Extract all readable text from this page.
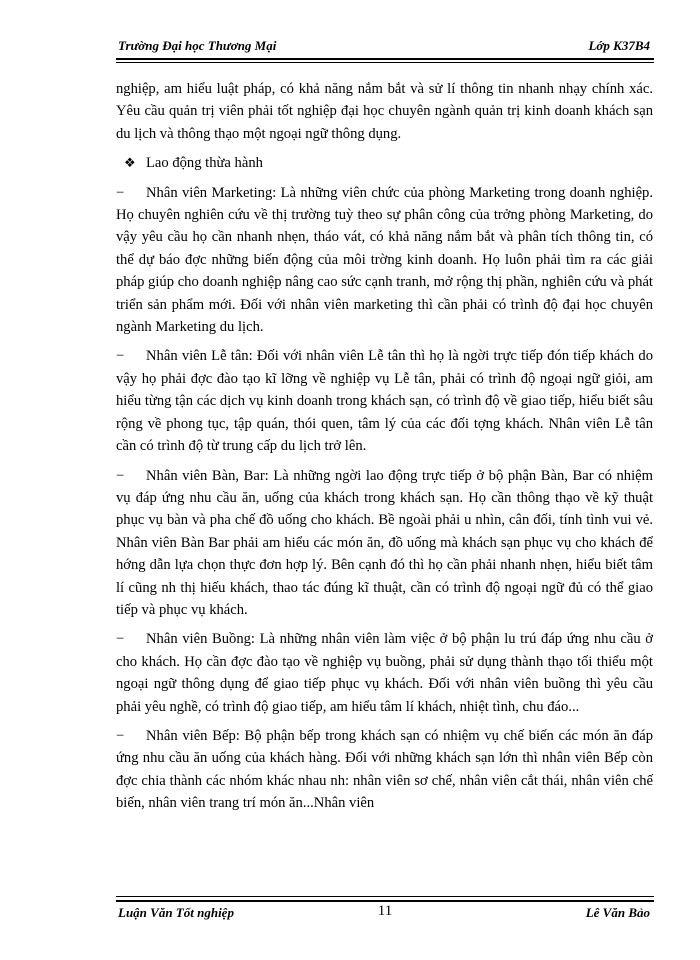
Trường Đại học Thương Mại	Lớp K37B4

nghiệp, am hiểu luật pháp, có khả năng nắm bắt và sử lí thông tin nhanh nhạy chính xác. Yêu cầu quản trị viên phải tốt nghiệp đại học chuyên ngành quản trị kinh doanh khách sạn du lịch và thông thạo một ngoại ngữ thông dụng.

❖ Lao động thừa hành

− Nhân viên Marketing: Là những viên chức của phòng Marketing trong doanh nghiệp. Họ chuyên nghiên cứu về thị trường tuỳ theo sự phân công của trởng phòng Marketing, do vậy yêu cầu họ cần nhanh nhẹn, tháo vát, có khả năng nắm bắt và phân tích thông tin, có thể dự báo đợc những biến động của môi trờng kinh doanh. Họ luôn phải tìm ra các giải pháp giúp cho doanh nghiệp nâng cao sức cạnh tranh, mở rộng thị phần, nghiên cứu và phát triển sản phẩm mới. Đối với nhân viên marketing thì cần phải có trình độ đại học chuyên ngành Marketing du lịch.

− Nhân viên Lễ tân: Đối với nhân viên Lễ tân thì họ là ngời trực tiếp đón tiếp khách do vậy họ phải đợc đào tạo kĩ lỡng về nghiệp vụ Lễ tân, phải có trình độ ngoại ngữ giỏi, am hiểu từng tận các dịch vụ kinh doanh trong khách sạn, có trình độ về giao tiếp, hiểu biết sâu rộng về phong tục, tập quán, thói quen, tâm lý của các đối tợng khách. Nhân viên Lễ tân cần có trình độ từ trung cấp du lịch trở lên.

− Nhân viên Bàn, Bar: Là những ngời lao động trực tiếp ở bộ phận Bàn, Bar có nhiệm vụ đáp ứng nhu cầu ăn, uống của khách trong khách sạn. Họ cần thông thạo về kỹ thuật phục vụ bàn và pha chế đồ uống cho khách. Bề ngoài phải u nhìn, cân đối, tính tình vui vẻ. Nhân viên Bàn Bar phải am hiểu các món ăn, đồ uống mà khách sạn phục vụ cho khách để hớng dẫn lựa chọn thực đơn hợp lý. Bên cạnh đó thì họ cần phải nhanh nhẹn, hiểu biết tâm lí cũng nh thị hiếu khách, thao tác đúng kĩ thuật, cần có trình độ ngoại ngữ đủ có thể giao tiếp và phục vụ khách.

− Nhân viên Buồng: Là những nhân viên làm việc ở bộ phận lu trú đáp ứng nhu cầu ở cho khách. Họ cần đợc đào tạo về nghiệp vụ buồng, phải sử dụng thành thạo tối thiểu một ngoại ngữ thông dụng để giao tiếp phục vụ khách. Đối với nhân viên buồng thì yêu cầu phải yêu nghề, có trình độ giao tiếp, am hiểu tâm lí khách, nhiệt tình, chu đáo...

− Nhân viên Bếp: Bộ phận bếp trong khách sạn có nhiệm vụ chế biến các món ăn đáp ứng nhu cầu ăn uống của khách hàng. Đối với những khách sạn lớn thì nhân viên Bếp còn đợc chia thành các nhóm khác nhau nh: nhân viên sơ chế, nhân viên cắt thái, nhân viên chế biến, nhân viên trang trí món ăn...Nhân viên

Luận Văn Tốt nghiệp	11	Lê Văn Bảo
